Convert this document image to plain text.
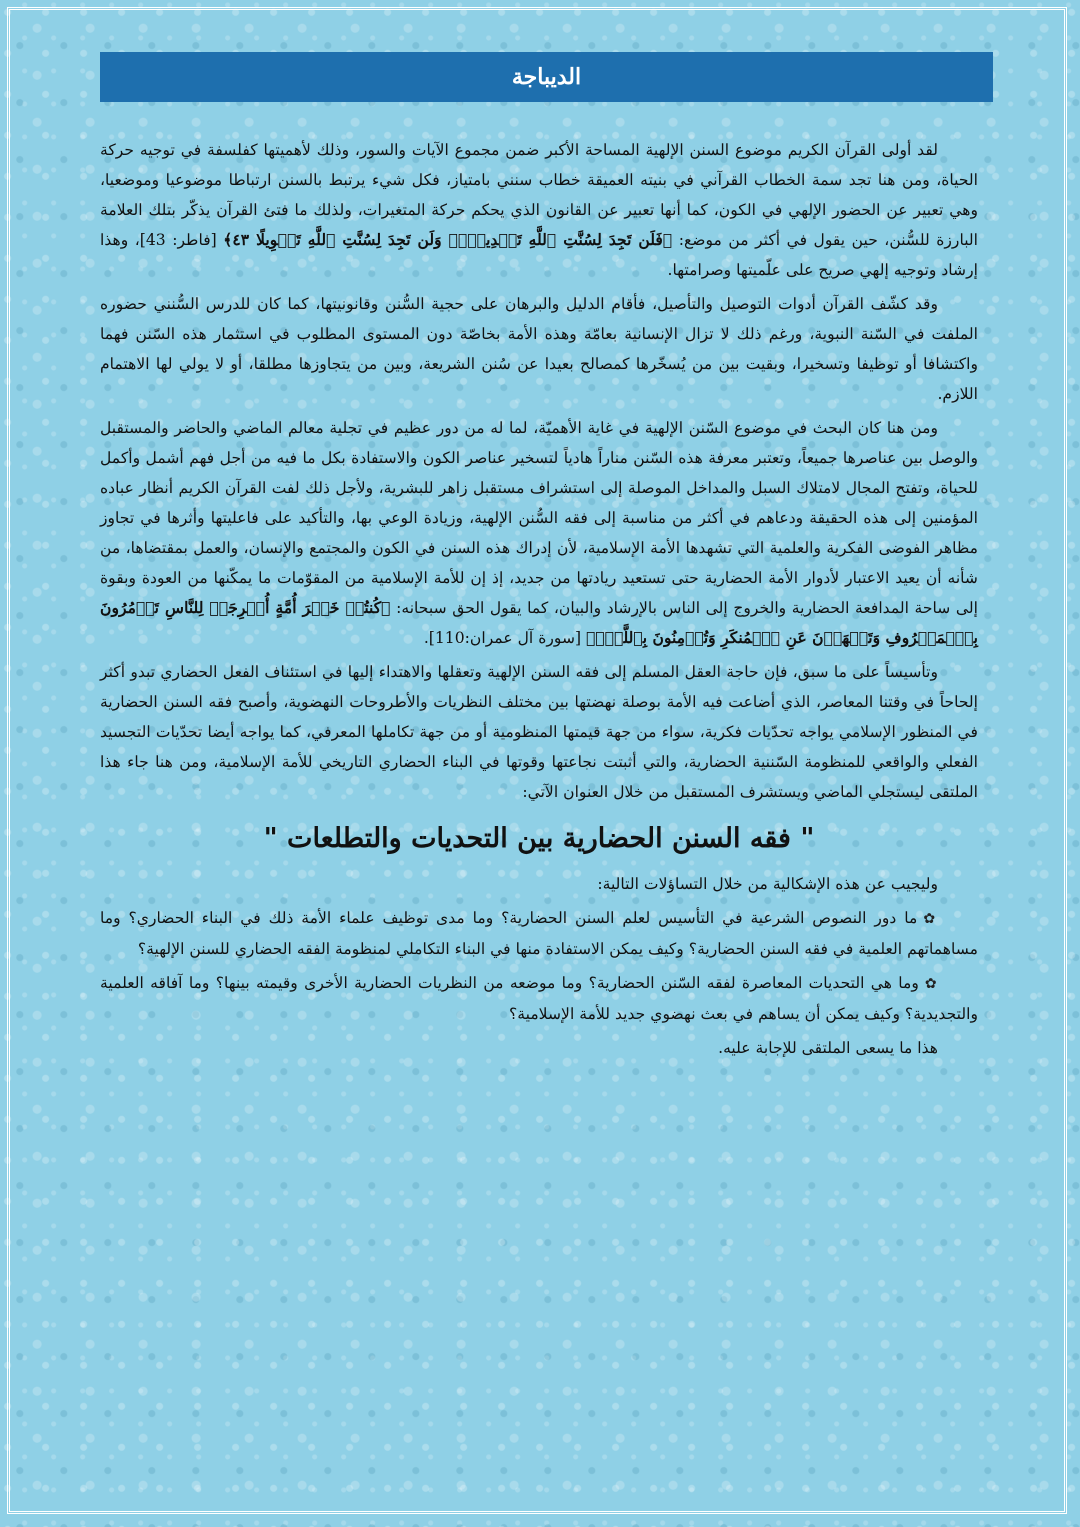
الديباجة

لقد أولى القرآن الكريم موضوع السنن الإلهية المساحة الأكبر ضمن مجموع الآيات والسور، وذلك لأهميتها كفلسفة في توجيه حركة الحياة، ومن هنا تجد سمة الخطاب القرآني في بنيته العميقة خطاب سنني بامتياز، فكل شيء يرتبط بالسنن ارتباطا موضوعيا وموضعيا، وهي تعبير عن الحضور الإلهي في الكون، كما أنها تعبير عن القانون الذي يحكم حركة المتغيرات، ولذلك ما فتئ القرآن يذكّر بتلك العلامة البارزة للسُّنن، حين يقول في أكثر من موضع: ﴿فَلَن تَجِدَ لِسُنَّتِ ٱللَّهِ تَبۡدِيلٗاۖ وَلَن تَجِدَ لِسُنَّتِ ٱللَّهِ تَحۡوِيلًا ٤٣﴾ [فاطر: 43]، وهذا إرشاد وتوجيه إلهي صريح على علّميتها وصرامتها.

وقد كشّف القرآن أدوات التوصيل والتأصيل، فأقام الدليل والبرهان على حجية السُّنن وقانونيتها، كما كان للدرس السُّنني حضوره الملفت في السّنة النبوية، ورغم ذلك لا تزال الإنسانية بعامّة وهذه الأمة بخاصّة دون المستوى المطلوب في استثمار هذه السّنن فهما واكتشافا أو توظيفا وتسخيرا، وبقيت بين من يُسخّرها كمصالح بعيدا عن سُنن الشريعة، وبين من يتجاوزها مطلقا، أو لا يولي لها الاهتمام اللازم.

ومن هنا كان البحث في موضوع السّنن الإلهية في غاية الأهميّة، لما له من دور عظيم في تجلية معالم الماضي والحاضر والمستقبل والوصل بين عناصرها جميعاً، وتعتبر معرفة هذه السّنن مناراً هادياً لتسخير عناصر الكون والاستفادة بكل ما فيه من أجل فهم أشمل وأكمل للحياة، وتفتح المجال لامتلاك السبل والمداخل الموصلة إلى استشراف مستقبل زاهر للبشرية، ولأجل ذلك لفت القرآن الكريم أنظار عباده المؤمنين إلى هذه الحقيقة ودعاهم في أكثر من مناسبة إلى فقه السُّنن الإلهية، وزيادة الوعي بها، والتأكيد على فاعليتها وأثرها في تجاوز مظاهر الفوضى الفكرية والعلمية التي تشهدها الأمة الإسلامية، لأن إدراك هذه السنن في الكون والمجتمع والإنسان، والعمل بمقتضاها، من شأنه أن يعيد الاعتبار لأدوار الأمة الحضارية حتى تستعيد ريادتها من جديد، إذ إن للأمة الإسلامية من المقوّمات ما يمكّنها من العودة وبقوة إلى ساحة المدافعة الحضارية والخروج إلى الناس بالإرشاد والبيان، كما يقول الحق سبحانه: ﴿كُنتُمۡ خَيۡرَ أُمَّةٍ أُخۡرِجَتۡ لِلنَّاسِ تَأۡمُرُونَ بِٱلۡمَعۡرُوفِ وَتَنۡهَوۡنَ عَنِ ٱلۡمُنكَرِ وَتُؤۡمِنُونَ بِٱللَّهِۗ﴾ [سورة آل عمران:110].

وتأسيساً على ما سبق، فإن حاجة العقل المسلم إلى فقه السنن الإلهية وتعقلها والاهتداء إليها في استئناف الفعل الحضاري تبدو أكثر إلحاحاً في وقتنا المعاصر، الذي أضاعت فيه الأمة بوصلة نهضتها بين مختلف النظريات والأطروحات النهضوية، وأصبح فقه السنن الحضارية في المنظور الإسلامي يواجه تحدّيات فكرية، سواء من جهة قيمتها المنظومية أو من جهة تكاملها المعرفي، كما يواجه أيضا تحدّيات التجسيد الفعلي والواقعي للمنظومة السّننية الحضارية، والتي أثبتت نجاعتها وقوتها في البناء الحضاري التاريخي للأمة الإسلامية، ومن هنا جاء هذا الملتقى ليستجلي الماضي ويستشرف المستقبل من خلال العنوان الآتي:

" فقه السنن الحضارية بين التحديات والتطلعات "

وليجيب عن هذه الإشكالية من خلال التساؤلات التالية:

✿ما دور النصوص الشرعية في التأسيس لعلم السنن الحضارية؟ وما مدى توظيف علماء الأمة ذلك في البناء الحضاري؟ وما مساهماتهم العلمية في فقه السنن الحضارية؟ وكيف يمكن الاستفادة منها في البناء التكاملي لمنظومة الفقه الحضاري للسنن الإلهية؟

✿وما هي التحديات المعاصرة لفقه السّنن الحضارية؟ وما موضعه من النظريات الحضارية الأخرى وقيمته بينها؟ وما آفاقه العلمية والتجديدية؟ وكيف يمكن أن يساهم في بعث نهضوي جديد للأمة الإسلامية؟

هذا ما يسعى الملتقى للإجابة عليه.
